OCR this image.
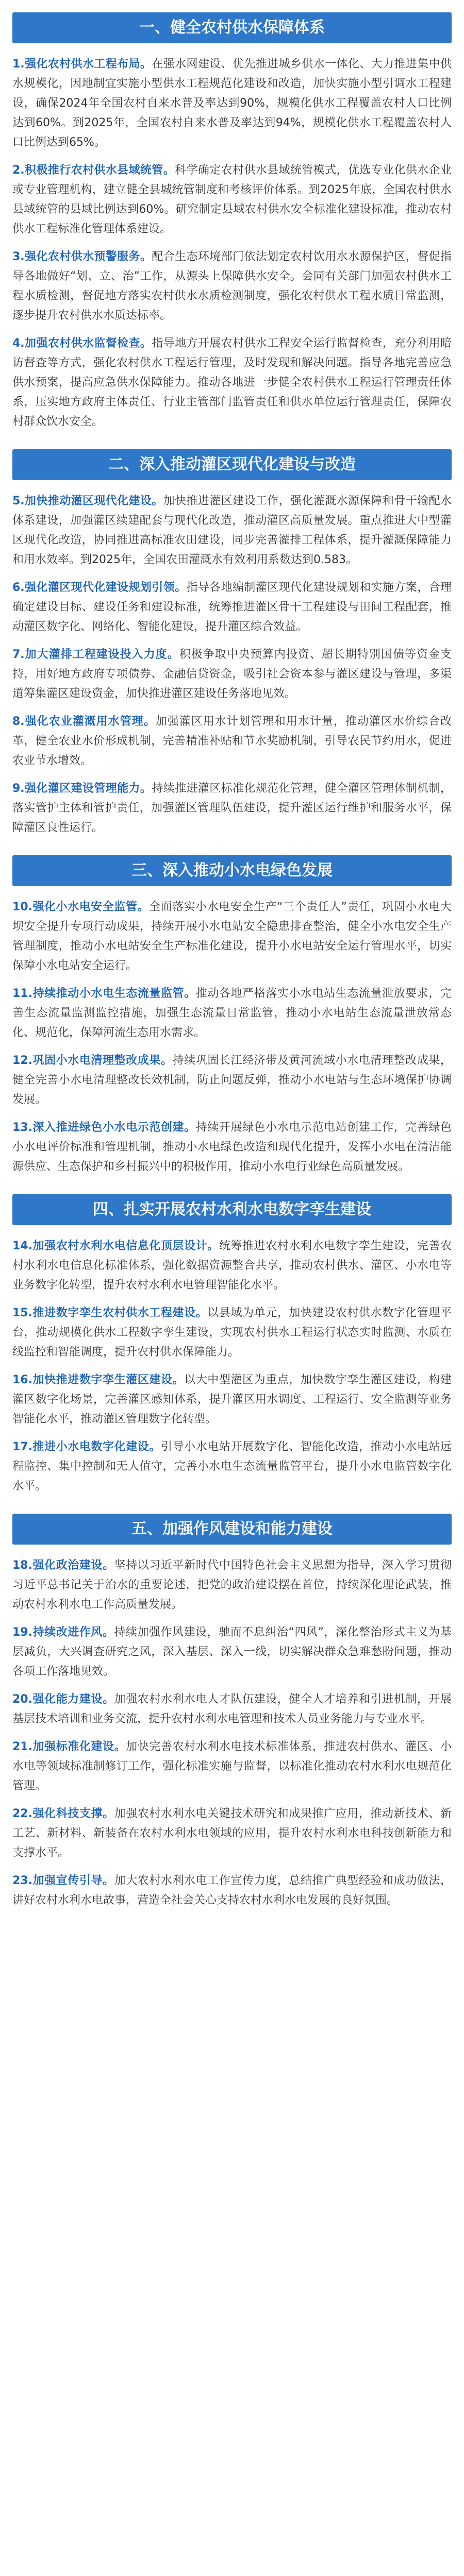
一、健全农村供水保障体系
1.强化农村供水工程布局。在强水网建设、优先推进城乡供水一体化、大力推进集中供水规模化，因地制宜实施小型供水工程规范化建设和改造，加快实施小型引调水工程建设，确保2024年全国农村自来水普及率达到90%，规模化供水工程覆盖农村人口比例达到60%。到2025年，全国农村自来水普及率达到94%，规模化供水工程覆盖农村人口比例达到65%。
2.积极推行农村供水县域统管。科学确定农村供水县域统管模式，优选专业化供水企业或专业管理机构，建立健全县城统管制度和考核评价体系。到2025年底，全国农村供水县域统管的县域比例达到60%。研究制定县域农村供水安全标准化建设标准，推动农村供水工程标准化管理体系建设。
3.强化农村供水预警服务。配合生态环境部门依法划定农村饮用水水源保护区，督促指导各地做好“划、立、治”工作，从源头上保障供水安全。会同有关部门加强农村供水工程水质检测，督促地方落实农村供水水质检测制度，强化农村供水工程水质日常监测，逐步提升农村供水水质达标率。
4.加强农村供水监督检查。指导地方开展农村供水工程安全运行监督检查，充分利用暗访督查等方式，强化农村供水工程运行管理，及时发现和解决问题。指导各地完善应急供水预案，提高应急供水保障能力。推动各地进一步健全农村供水工程运行管理责任体系，压实地方政府主体责任、行业主管部门监管责任和供水单位运行管理责任，保障农村群众饮水安全。
二、深入推动灌区现代化建设与改造
5.加快推动灌区现代化建设。加快推进灌区建设工作，强化灌溉水源保障和骨干输配水体系建设，加强灌区续建配套与现代化改造，推动灌区高质量发展。重点推进大中型灌区现代化改造，协同推进高标准农田建设，同步完善灌排工程体系，提升灌溉保障能力和用水效率。到2025年，全国农田灌溉水有效利用系数达到0.583。
6.强化灌区现代化建设规划引领。指导各地编制灌区现代化建设规划和实施方案，合理确定建设目标、建设任务和建设标准，统筹推进灌区骨干工程建设与田间工程配套，推动灌区数字化、网络化、智能化建设，提升灌区综合效益。
7.加大灌排工程建设投入力度。积极争取中央预算内投资、超长期特别国债等资金支持，用好地方政府专项债券、金融信贷资金，吸引社会资本参与灌区建设与管理，多渠道筹集灌区建设资金，加快推进灌区建设任务落地见效。
8.强化农业灌溉用水管理。加强灌区用水计划管理和用水计量，推动灌区水价综合改革，健全农业水价形成机制，完善精准补贴和节水奖励机制，引导农民节约用水，促进农业节水增效。
9.强化灌区建设管理能力。持续推进灌区标准化规范化管理，健全灌区管理体制机制，落实管护主体和管护责任，加强灌区管理队伍建设，提升灌区运行维护和服务水平，保障灌区良性运行。
三、深入推动小水电绿色发展
10.强化小水电安全监管。全面落实小水电安全生产“三个责任人”责任，巩固小水电大坝安全提升专项行动成果，持续开展小水电站安全隐患排查整治，健全小水电安全生产管理制度，推动小水电站安全生产标准化建设，提升小水电站安全运行管理水平，切实保障小水电站安全运行。
11.持续推动小水电生态流量监管。推动各地严格落实小水电站生态流量泄放要求，完善生态流量监测监控措施，加强生态流量日常监管，推动小水电站生态流量泄放常态化、规范化，保障河流生态用水需求。
12.巩固小水电清理整改成果。持续巩固长江经济带及黄河流域小水电清理整改成果，健全完善小水电清理整改长效机制，防止问题反弹，推动小水电站与生态环境保护协调发展。
13.深入推进绿色小水电示范创建。持续开展绿色小水电示范电站创建工作，完善绿色小水电评价标准和管理机制，推动小水电绿色改造和现代化提升，发挥小水电在清洁能源供应、生态保护和乡村振兴中的积极作用，推动小水电行业绿色高质量发展。
四、扎实开展农村水利水电数字孪生建设
14.加强农村水利水电信息化顶层设计。统筹推进农村水利水电数字孪生建设，完善农村水利水电信息化标准体系，强化数据资源整合共享，推动农村供水、灌区、小水电等业务数字化转型，提升农村水利水电管理智能化水平。
15.推进数字孪生农村供水工程建设。以县域为单元，加快建设农村供水数字化管理平台，推动规模化供水工程数字孪生建设，实现农村供水工程运行状态实时监测、水质在线监控和智能调度，提升农村供水保障能力。
16.加快推进数字孪生灌区建设。以大中型灌区为重点，加快数字孪生灌区建设，构建灌区数字化场景，完善灌区感知体系，提升灌区用水调度、工程运行、安全监测等业务智能化水平，推动灌区管理数字化转型。
17.推进小水电数字化建设。引导小水电站开展数字化、智能化改造，推动小水电站远程监控、集中控制和无人值守，完善小水电生态流量监管平台，提升小水电监管数字化水平。
五、加强作风建设和能力建设
18.强化政治建设。坚持以习近平新时代中国特色社会主义思想为指导，深入学习贯彻习近平总书记关于治水的重要论述，把党的政治建设摆在首位，持续深化理论武装，推动农村水利水电工作高质量发展。
19.持续改进作风。持续加强作风建设，驰而不息纠治“四风”，深化整治形式主义为基层减负，大兴调查研究之风，深入基层、深入一线，切实解决群众急难愁盼问题，推动各项工作落地见效。
20.强化能力建设。加强农村水利水电人才队伍建设，健全人才培养和引进机制，开展基层技术培训和业务交流，提升农村水利水电管理和技术人员业务能力与专业水平。
21.加强标准化建设。加快完善农村水利水电技术标准体系，推进农村供水、灌区、小水电等领域标准制修订工作，强化标准实施与监督，以标准化推动农村水利水电规范化管理。
22.强化科技支撑。加强农村水利水电关键技术研究和成果推广应用，推动新技术、新工艺、新材料、新装备在农村水利水电领域的应用，提升农村水利水电科技创新能力和支撑水平。
23.加强宣传引导。加大农村水利水电工作宣传力度，总结推广典型经验和成功做法，讲好农村水利水电故事，营造全社会关心支持农村水利水电发展的良好氛围。
